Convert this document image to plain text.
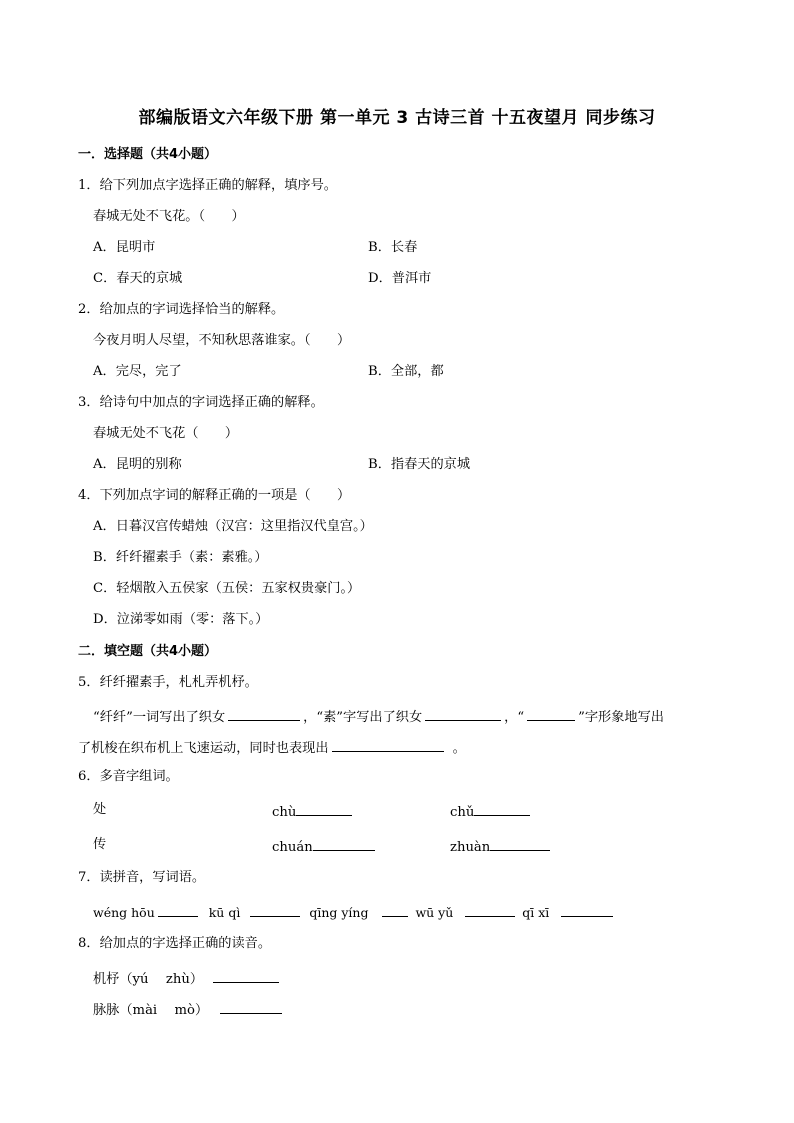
部编版语文六年级下册 第一单元 3 古诗三首 十五夜望月 同步练习
一．选择题（共4小题）
1．给下列加点字选择正确的解释，填序号。
春城无处不飞花。（　　）
A．昆明市	B．长春
C．春天的京城	D．普洱市
2．给加点的字词选择恰当的解释。
今夜月明人尽望，不知秋思落谁家。（　　）
A．完尽，完了	B．全部，都
3．给诗句中加点的字词选择正确的解释。
春城无处不飞花（　　）
A．昆明的别称	B．指春天的京城
4．下列加点字词的解释正确的一项是（　　）
A．日暮汉宫传蜡烛（汉宫：这里指汉代皇宫。）
B．纤纤擢素手（素：素雅。）
C．轻烟散入五侯家（五侯：五家权贵豪门。）
D．泣涕零如雨（零：落下。）
二．填空题（共4小题）
5．纤纤擢素手，札札弄机杼。
“纤纤”一词写出了织女	，“素”字写出了织女	，“	”字形象地写出
了机梭在织布机上飞速运动，同时也表现出	。
6．多音字组词。
处	chù	chǔ
传	chuán	zhuàn
7．读拼音，写词语。
wéng hōu	kū qì	qīng yíng	wū yǔ	qī xī
8．给加点的字选择正确的读音。
机杼（yú　 zhù）
脉脉（mài　 mò）
